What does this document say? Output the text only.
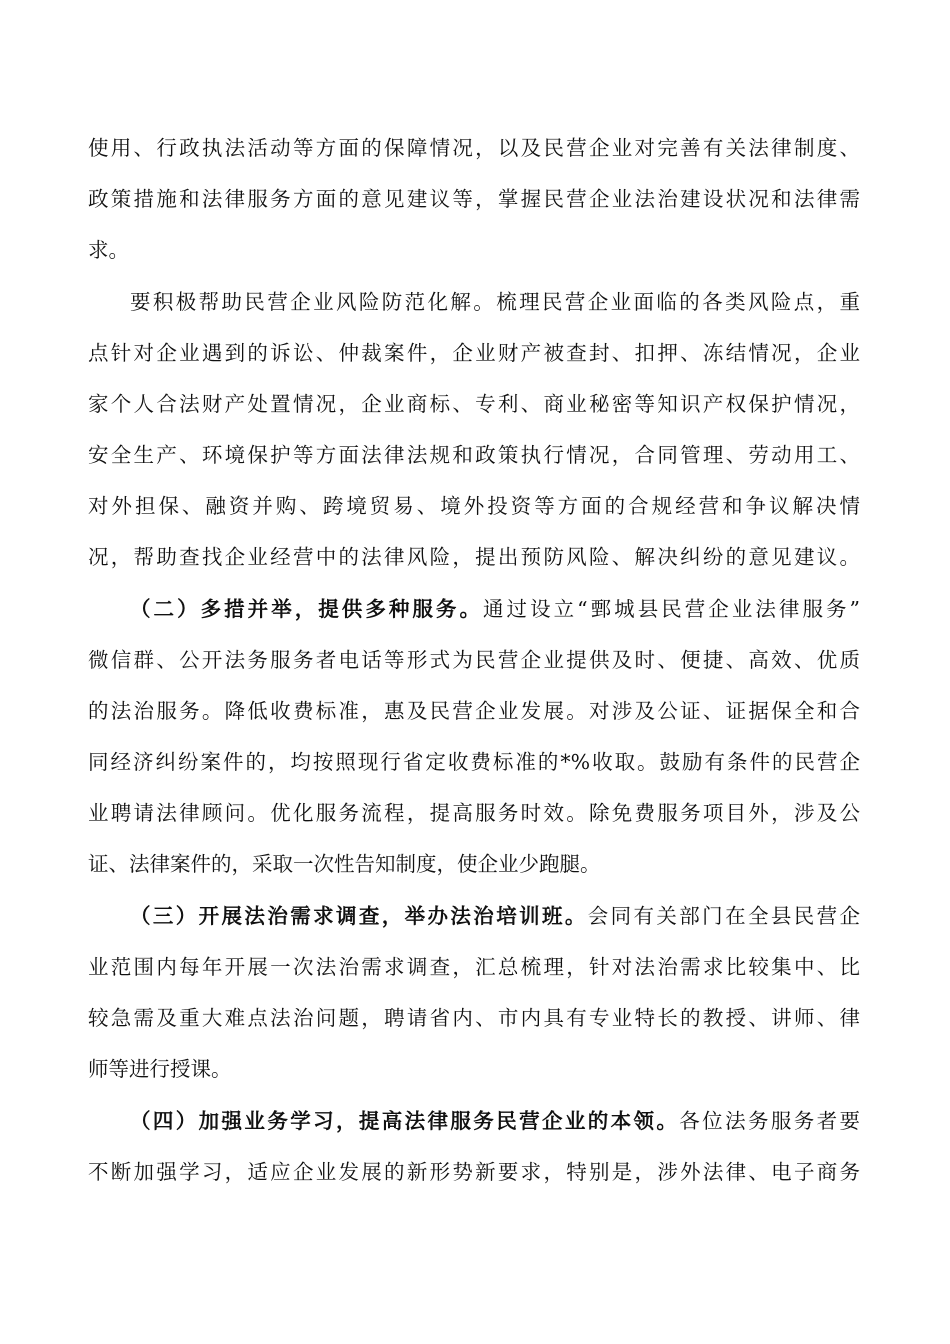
使用、行政执法活动等方面的保障情况，以及民营企业对完善有关法律制度、
政策措施和法律服务方面的意见建议等，掌握民营企业法治建设状况和法律需
求。
要积极帮助民营企业风险防范化解。梳理民营企业面临的各类风险点，重
点针对企业遇到的诉讼、仲裁案件，企业财产被查封、扣押、冻结情况，企业
家个人合法财产处置情况，企业商标、专利、商业秘密等知识产权保护情况，
安全生产、环境保护等方面法律法规和政策执行情况，合同管理、劳动用工、
对外担保、融资并购、跨境贸易、境外投资等方面的合规经营和争议解决情
况，帮助查找企业经营中的法律风险，提出预防风险、解决纠纷的意见建议。
（二）多措并举，提供多种服务。通过设立“鄄城县民营企业法律服务”
微信群、公开法务服务者电话等形式为民营企业提供及时、便捷、高效、优质
的法治服务。降低收费标准，惠及民营企业发展。对涉及公证、证据保全和合
同经济纠纷案件的，均按照现行省定收费标准的*%收取。鼓励有条件的民营企
业聘请法律顾问。优化服务流程，提高服务时效。除免费服务项目外，涉及公
证、法律案件的，采取一次性告知制度，使企业少跑腿。
（三）开展法治需求调查，举办法治培训班。会同有关部门在全县民营企
业范围内每年开展一次法治需求调查，汇总梳理，针对法治需求比较集中、比
较急需及重大难点法治问题，聘请省内、市内具有专业特长的教授、讲师、律
师等进行授课。
（四）加强业务学习，提高法律服务民营企业的本领。各位法务服务者要
不断加强学习，适应企业发展的新形势新要求，特别是，涉外法律、电子商务
